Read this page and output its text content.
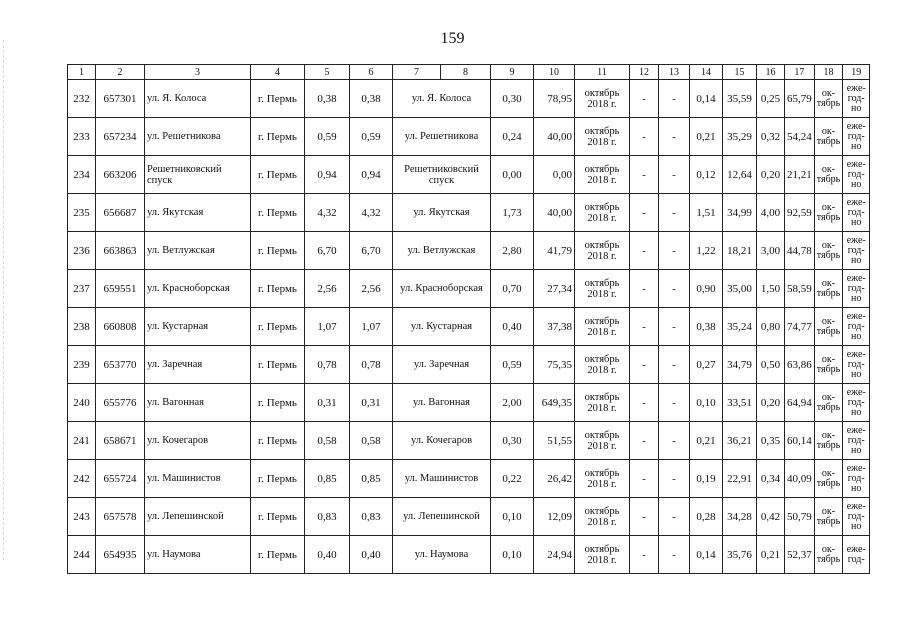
159
1	2	3	4	5	6	7	8	9	10	11	12	13	14	15	16	17	18	19
232	657301	ул. Я. Колоса	г. Пермь	0,38	0,38	ул. Я. Колоса		0,30	78,95	октябрь 2018 г.	-	-	0,14	35,59	0,25	65,79	ок-тябрь	еже-год-но
233	657234	ул. Решетникова	г. Пермь	0,59	0,59	ул. Решетникова		0,24	40,00	октябрь 2018 г.	-	-	0,21	35,29	0,32	54,24	ок-тябрь	еже-год-но
234	663206	Решетниковский спуск	г. Пермь	0,94	0,94	Решетниковский спуск		0,00	0,00	октябрь 2018 г.	-	-	0,12	12,64	0,20	21,21	ок-тябрь	еже-год-но
235	656687	ул. Якутская	г. Пермь	4,32	4,32	ул. Якутская		1,73	40,00	октябрь 2018 г.	-	-	1,51	34,99	4,00	92,59	ок-тябрь	еже-год-но
236	663863	ул. Ветлужская	г. Пермь	6,70	6,70	ул. Ветлужская		2,80	41,79	октябрь 2018 г.	-	-	1,22	18,21	3,00	44,78	ок-тябрь	еже-год-но
237	659551	ул. Красноборская	г. Пермь	2,56	2,56	ул. Красноборская		0,70	27,34	октябрь 2018 г.	-	-	0,90	35,00	1,50	58,59	ок-тябрь	еже-год-но
238	660808	ул. Кустарная	г. Пермь	1,07	1,07	ул. Кустарная		0,40	37,38	октябрь 2018 г.	-	-	0,38	35,24	0,80	74,77	ок-тябрь	еже-год-но
239	653770	ул. Заречная	г. Пермь	0,78	0,78	ул. Заречная		0,59	75,35	октябрь 2018 г.	-	-	0,27	34,79	0,50	63,86	ок-тябрь	еже-год-но
240	655776	ул. Вагонная	г. Пермь	0,31	0,31	ул. Вагонная		2,00	649,35	октябрь 2018 г.	-	-	0,10	33,51	0,20	64,94	ок-тябрь	еже-год-но
241	658671	ул. Кочегаров	г. Пермь	0,58	0,58	ул. Кочегаров		0,30	51,55	октябрь 2018 г.	-	-	0,21	36,21	0,35	60,14	ок-тябрь	еже-год-но
242	655724	ул. Машинистов	г. Пермь	0,85	0,85	ул. Машинистов		0,22	26,42	октябрь 2018 г.	-	-	0,19	22,91	0,34	40,09	ок-тябрь	еже-год-но
243	657578	ул. Лепешинской	г. Пермь	0,83	0,83	ул. Лепешинской		0,10	12,09	октябрь 2018 г.	-	-	0,28	34,28	0,42	50,79	ок-тябрь	еже-год-но
244	654935	ул. Наумова	г. Пермь	0,40	0,40	ул. Наумова		0,10	24,94	октябрь 2018 г.	-	-	0,14	35,76	0,21	52,37	ок-тябрь	еже-год-
